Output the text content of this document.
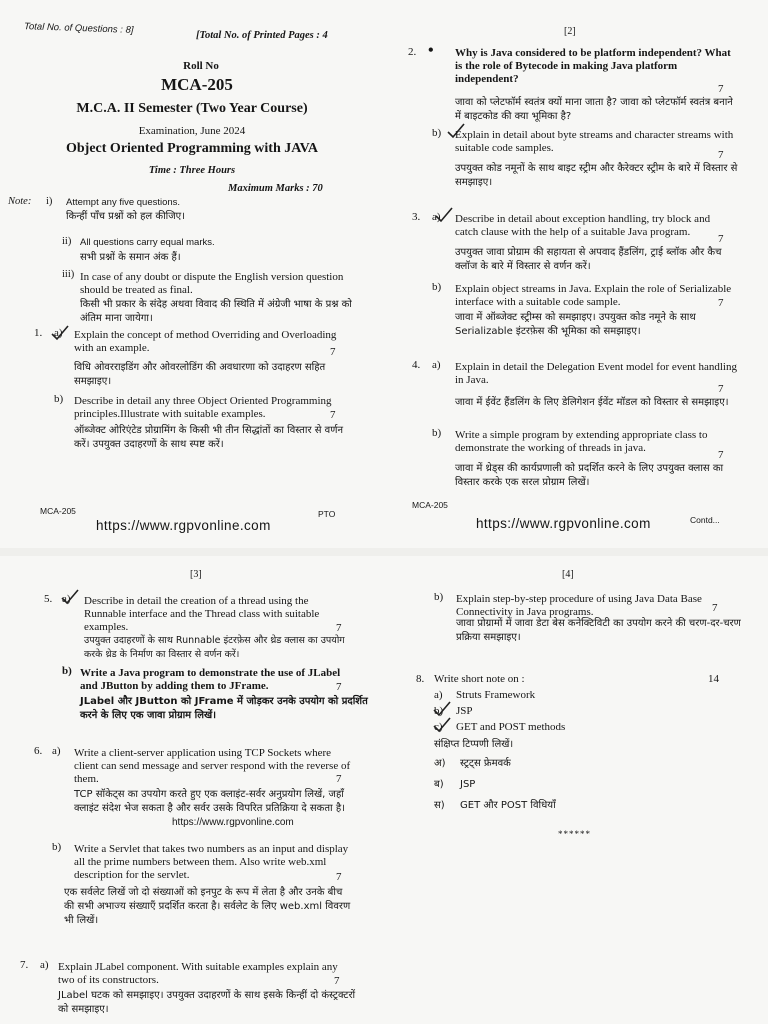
Total No. of Questions : 8]	[Total No. of Printed Pages : 4
Roll No
MCA-205
M.C.A. II Semester (Two Year Course)
Examination, June 2024
Object Oriented Programming with JAVA
Time : Three Hours
Maximum Marks : 70
Note: i) Attempt any five questions.
किन्हीं पाँच प्रश्नों को हल कीजिए।
ii) All questions carry equal marks.
सभी प्रश्नों के समान अंक हैं।
iii) In case of any doubt or dispute the English version question should be treated as final.
किसी भी प्रकार के संदेह अथवा विवाद की स्थिति में अंग्रेजी भाषा के प्रश्न को अंतिम माना जायेगा।
1. a) Explain the concept of method Overriding and Overloading with an example.	7
विधि ओवरराइडिंग और ओवरलोडिंग की अवधारणा को उदाहरण सहित समझाइए।
b) Describe in detail any three Object Oriented Programming principles.Illustrate with suitable examples.	7
ऑब्जेक्ट ओरिएंटेड प्रोग्रामिंग के किसी भी तीन सिद्धांतों का विस्तार से वर्णन करें। उपयुक्त उदाहरणों के साथ स्पष्ट करें।
MCA-205	PTO
https://www.rgpvonline.com
[2]
2. • Why is Java considered to be platform independent? What is the role of Bytecode in making Java platform independent?
7
जावा को प्लेटफॉर्म स्वतंत्र क्यों माना जाता है? जावा को प्लेटफॉर्म स्वतंत्र बनाने में बाइटकोड की क्या भूमिका है?
b) Explain in detail about byte streams and character streams with suitable code samples.
7
उपयुक्त कोड नमूनों के साथ बाइट स्ट्रीम और कैरेक्टर स्ट्रीम के बारे में विस्तार से समझाइए।
3. a) Describe in detail about exception handling, try block and catch clause with the help of a suitable Java program.
7
उपयुक्त जावा प्रोग्राम की सहायता से अपवाद हैंडलिंग, ट्राई ब्लॉक और कैच क्लॉज के बारे में विस्तार से वर्णन करें।
b) Explain object streams in Java. Explain the role of Serializable interface with a suitable code sample.	7
जावा में ऑब्जेक्ट स्ट्रीम्स को समझाइए। उपयुक्त कोड नमूने के साथ Serializable इंटरफ़ेस की भूमिका को समझाइए।
4. a) Explain in detail the Delegation Event model for event handling in Java.
7
जावा में ईवेंट हैंडलिंग के लिए डेलिगेशन ईवेंट मॉडल को विस्तार से समझाइए।
b) Write a simple program by extending appropriate class to demonstrate the working of threads in java.
7
जावा में थ्रेड्स की कार्यप्रणाली को प्रदर्शित करने के लिए उपयुक्त क्लास का विस्तार करके एक सरल प्रोग्राम लिखें।
MCA-205
Contd...
https://www.rgpvonline.com
[3]
5. a) Describe in detail the creation of a thread using the Runnable interface and the Thread class with suitable examples.	7
उपयुक्त उदाहरणों के साथ Runnable इंटरफ़ेस और थ्रेड क्लास का उपयोग करके थ्रेड के निर्माण का विस्तार से वर्णन करें।
b) Write a Java program to demonstrate the use of JLabel and JButton by adding them to JFrame.	7
JLabel और JButton को JFrame में जोड़कर उनके उपयोग को प्रदर्शित करने के लिए एक जावा प्रोग्राम लिखें।
6. a) Write a client-server application using TCP Sockets where client can send message and server respond with the reverse of them.	7
TCP सॉकेट्स का उपयोग करते हुए एक क्लाइंट-सर्वर अनुप्रयोग लिखें, जहाँ क्लाइंट संदेश भेज सकता है और सर्वर उसके विपरित प्रतिक्रिया दे सकता है।
https://www.rgpvonline.com
b) Write a Servlet that takes two numbers as an input and display all the prime numbers between them. Also write web.xml description for the servlet.	7
एक सर्वलेट लिखें जो दो संख्याओं को इनपुट के रूप में लेता है और उनके बीच की सभी अभाज्य संख्याएँ प्रदर्शित करता है। सर्वलेट के लिए web.xml विवरण भी लिखें।
7. a) Explain JLabel component. With suitable examples explain any two of its constructors.	7
JLabel घटक को समझाइए। उपयुक्त उदाहरणों के साथ इसके किन्हीं दो कंस्ट्रक्टरों को समझाइए।
[4]
b) Explain step-by-step procedure of using Java Data Base Connectivity in Java programs.	7
जावा प्रोग्रामों में जावा डेटा बेस कनेक्टिविटी का उपयोग करने की चरण-दर-चरण प्रक्रिया समझाइए।
8. Write short note on :	14
a) Struts Framework
b) JSP
c) GET and POST methods
संक्षिप्त टिप्पणी लिखें।
अ) स्ट्रट्स फ्रेमवर्क
ब) JSP
स) GET और POST विधियाँ
******
